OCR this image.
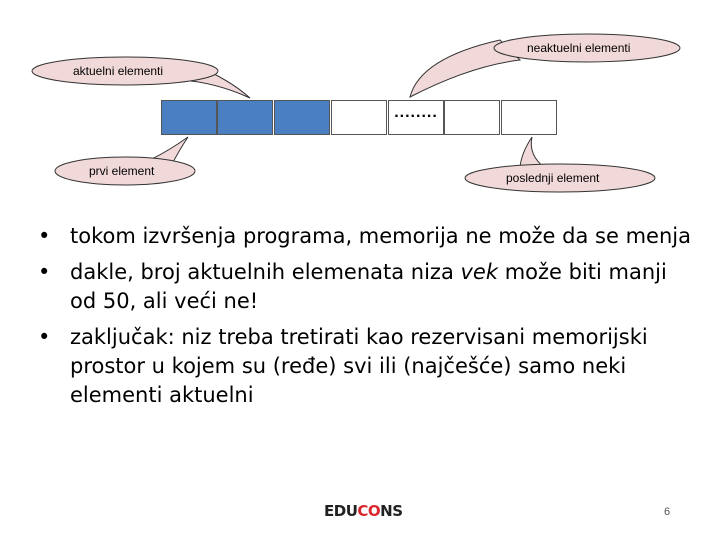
neaktuelni elementi
aktuelni elementi
prvi element	poslednji element
........
• tokom izvršenja programa, memorija ne može da se menja
• dakle, broj aktuelnih elemenata niza vek može biti manji od 50, ali veći ne!
• zaključak: niz treba tretirati kao rezervisani memorijski prostor u kojem su (ređe) svi ili (najčešće) samo neki elementi aktuelni
EDUCONS	6
